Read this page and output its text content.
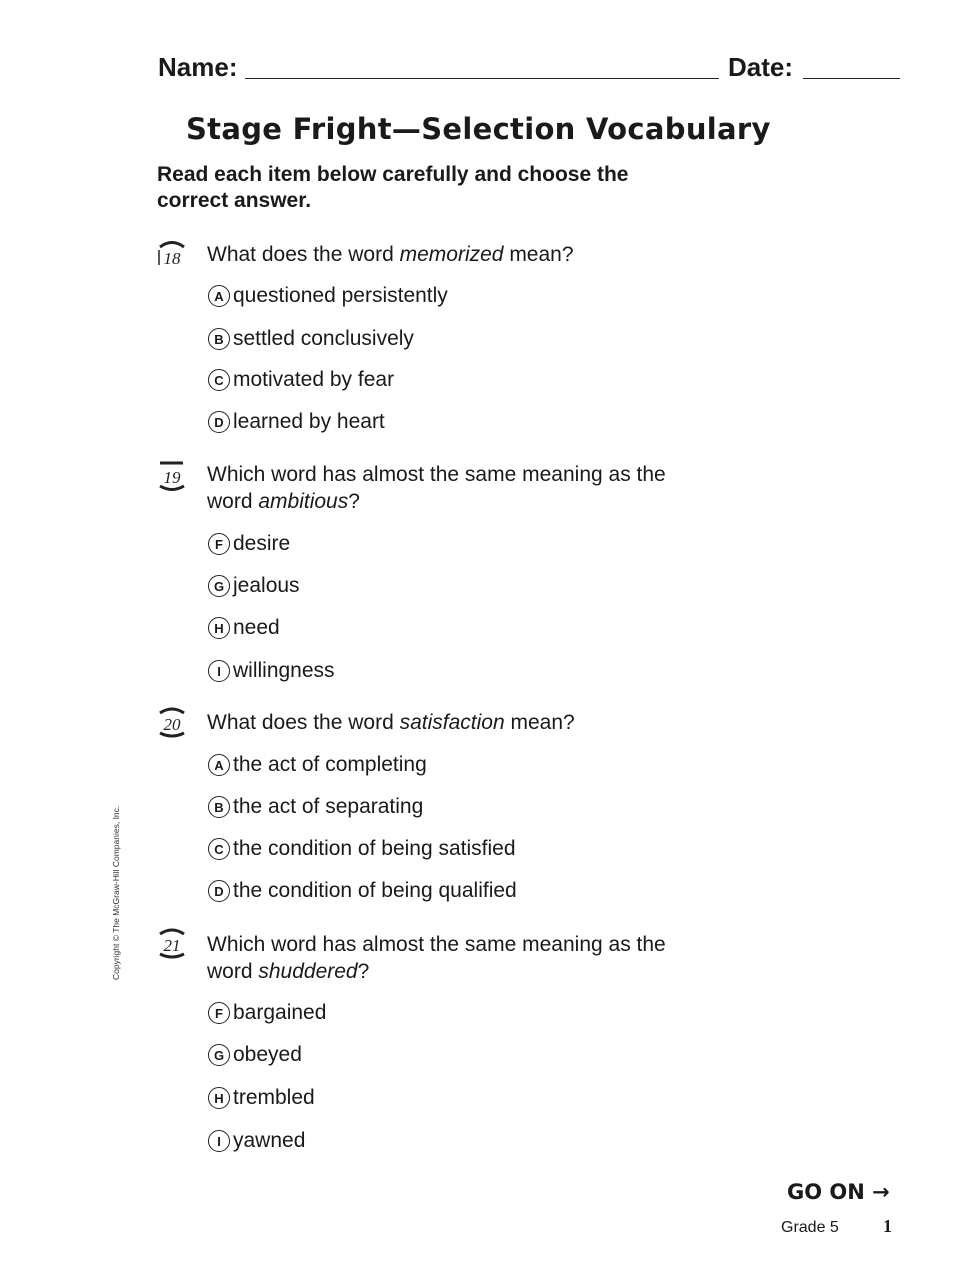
Name:	Date:
Stage Fright—Selection Vocabulary
Read each item below carefully and choose the correct answer.
18 What does the word memorized mean?
A questioned persistently
B settled conclusively
C motivated by fear
D learned by heart
19 Which word has almost the same meaning as the word ambitious?
F desire
G jealous
H need
I willingness
20 What does the word satisfaction mean?
A the act of completing
B the act of separating
C the condition of being satisfied
D the condition of being qualified
21 Which word has almost the same meaning as the word shuddered?
F bargained
G obeyed
H trembled
I yawned
Copyright © The McGraw-Hill Companies, Inc.
GO ON →
Grade 5 1
